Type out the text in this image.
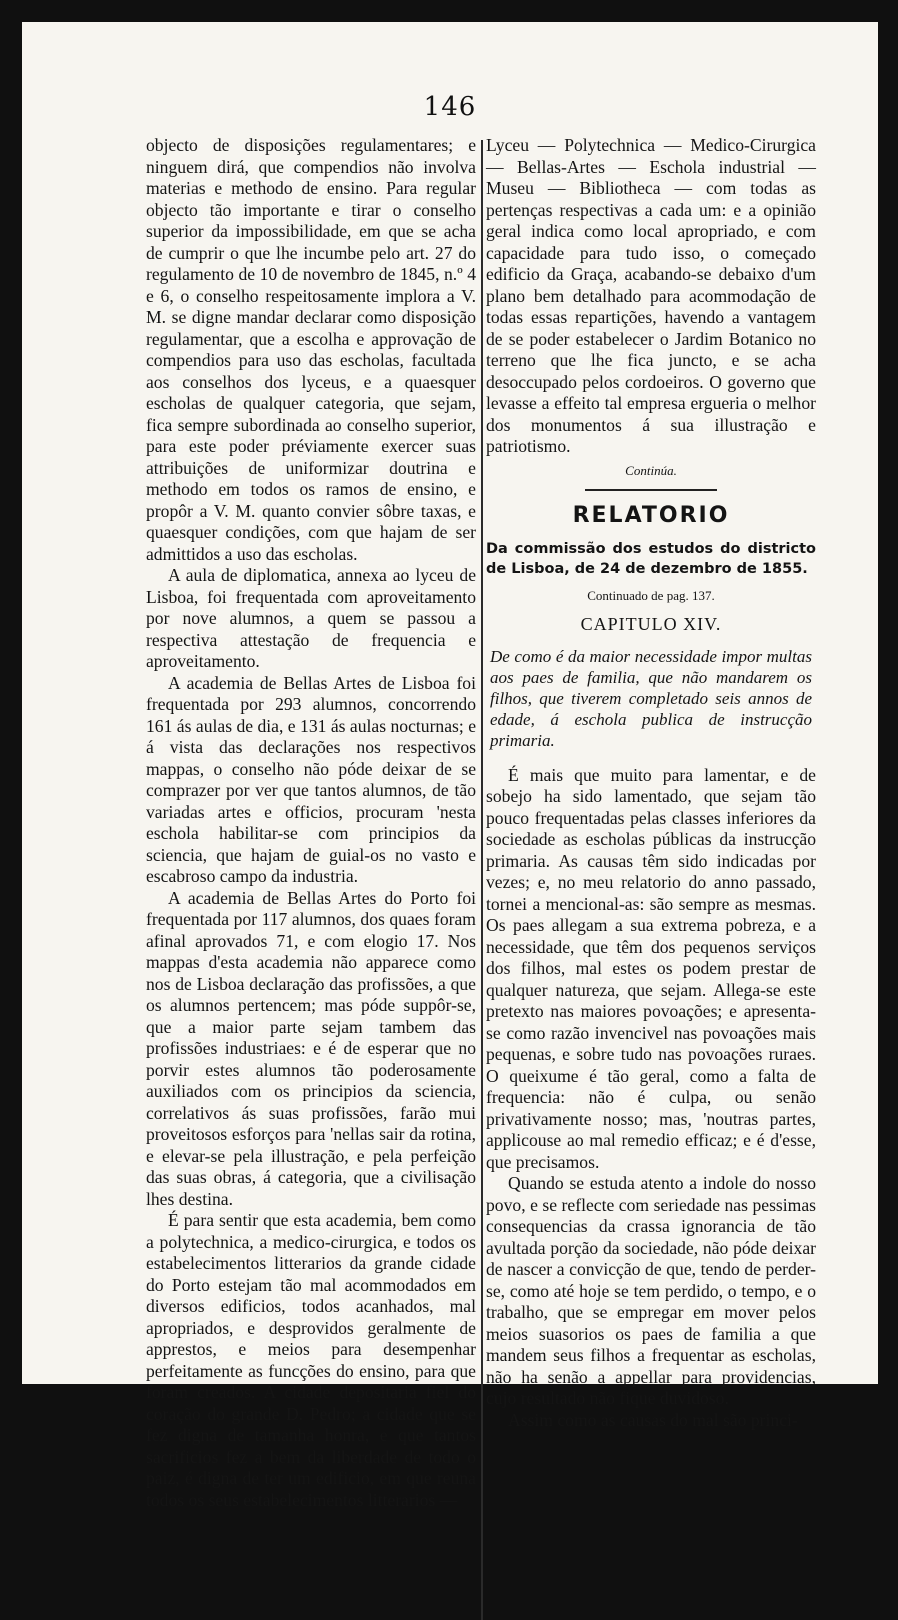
146

objecto de disposições regulamentares; e ninguem dirá, que compendios não involva materias e methodo de ensino. Para regular objecto tão importante e tirar o conselho superior da impossibilidade, em que se acha de cumprir o que lhe incumbe pelo art. 27 do regulamento de 10 de novembro de 1845, n.º 4 e 6, o conselho respeitosamente implora a V. M. se digne mandar declarar como disposição regulamentar, que a escolha e approvação de compendios para uso das escholas, facultada aos conselhos dos lyceus, e a quaesquer escholas de qualquer categoria, que sejam, fica sempre subordinada ao conselho superior, para este poder préviamente exercer suas attribuições de uniformizar doutrina e methodo em todos os ramos de ensino, e propôr a V. M. quanto convier sôbre taxas, e quaesquer condições, com que hajam de ser admittidos a uso das escholas.

A aula de diplomatica, annexa ao lyceu de Lisboa, foi frequentada com aproveitamento por nove alumnos, a quem se passou a respectiva attestação de frequencia e aproveitamento.

A academia de Bellas Artes de Lisboa foi frequentada por 293 alumnos, concorrendo 161 ás aulas de dia, e 131 ás aulas nocturnas; e á vista das declarações nos respectivos mappas, o conselho não póde deixar de se comprazer por ver que tantos alumnos, de tão variadas artes e officios, procuram 'nesta eschola habilitar-se com principios da sciencia, que hajam de guial-os no vasto e escabroso campo da industria.

A academia de Bellas Artes do Porto foi frequentada por 117 alumnos, dos quaes foram afinal aprovados 71, e com elogio 17. Nos mappas d'esta academia não apparece como nos de Lisboa declaração das profissões, a que os alumnos pertencem; mas póde suppôr-se, que a maior parte sejam tambem das profissões industriaes: e é de esperar que no porvir estes alumnos tão poderosamente auxiliados com os principios da sciencia, correlativos ás suas profissões, farão mui proveitosos esforços para 'nellas sair da rotina, e elevar-se pela illustração, e pela perfeição das suas obras, á categoria, que a civilisação lhes destina.

É para sentir que esta academia, bem como a polytechnica, a medico-cirurgica, e todos os estabelecimentos litterarios da grande cidade do Porto estejam tão mal acommodados em diversos edificios, todos acanhados, mal apropriados, e desprovidos geralmente de apprestos, e meios para desempenhar perfeitamente as funcções do ensino, para que foram creados. A cidade depositaria fiel do coração do grande D. Pedro; a cidade que se fez digna de tamanha honra, e que tantos sacrificios fez a bem da liberdade de todo o paiz, é digna de ter um edificio, em que reuna todos os seus estabelecimentos litterarios —

Lyceu — Polytechnica — Medico-Cirurgica — Bellas-Artes — Eschola industrial — Museu — Bibliotheca — com todas as pertenças respectivas a cada um: e a opinião geral indica como local apropriado, e com capacidade para tudo isso, o começado edificio da Graça, acabando-se debaixo d'um plano bem detalhado para acommodação de todas essas repartições, havendo a vantagem de se poder estabelecer o Jardim Botanico no terreno que lhe fica juncto, e se acha desoccupado pelos cordoeiros. O governo que levasse a effeito tal empresa ergueria o melhor dos monumentos á sua illustração e patriotismo.

Continúa.
RELATORIO
Da commissão dos estudos do districto de Lisboa, de 24 de dezembro de 1855.
Continuado de pag. 137.
CAPITULO XIV.
De como é da maior necessidade impor multas aos paes de familia, que não mandarem os filhos, que tiverem completado seis annos de edade, á eschola publica de instrucção primaria.

É mais que muito para lamentar, e de sobejo ha sido lamentado, que sejam tão pouco frequentadas pelas classes inferiores da sociedade as escholas públicas da instrucção primaria. As causas têm sido indicadas por vezes; e, no meu relatorio do anno passado, tornei a mencional-as: são sempre as mesmas. Os paes allegam a sua extrema pobreza, e a necessidade, que têm dos pequenos serviços dos filhos, mal estes os podem prestar de qualquer natureza, que sejam. Allega-se este pretexto nas maiores povoações; e apresenta-se como razão invencivel nas povoações mais pequenas, e sobre tudo nas povoações ruraes. O queixume é tão geral, como a falta de frequencia: não é culpa, ou senão privativamente nosso; mas, 'noutras partes, applicouse ao mal remedio efficaz; e é d'esse, que precisamos.

Quando se estuda atento a indole do nosso povo, e se reflecte com seriedade nas pessimas consequencias da crassa ignorancia de tão avultada porção da sociedade, não póde deixar de nascer a convicção de que, tendo de perder-se, como até hoje se tem perdido, o tempo, e o trabalho, que se empregar em mover pelos meios suasorios os paes de familia a que mandem seus filhos a frequentar as escholas, não ha senão a appellar para providencias, cujo resultado não fique duvidoso.

Assim como as causas do mal são princi-
